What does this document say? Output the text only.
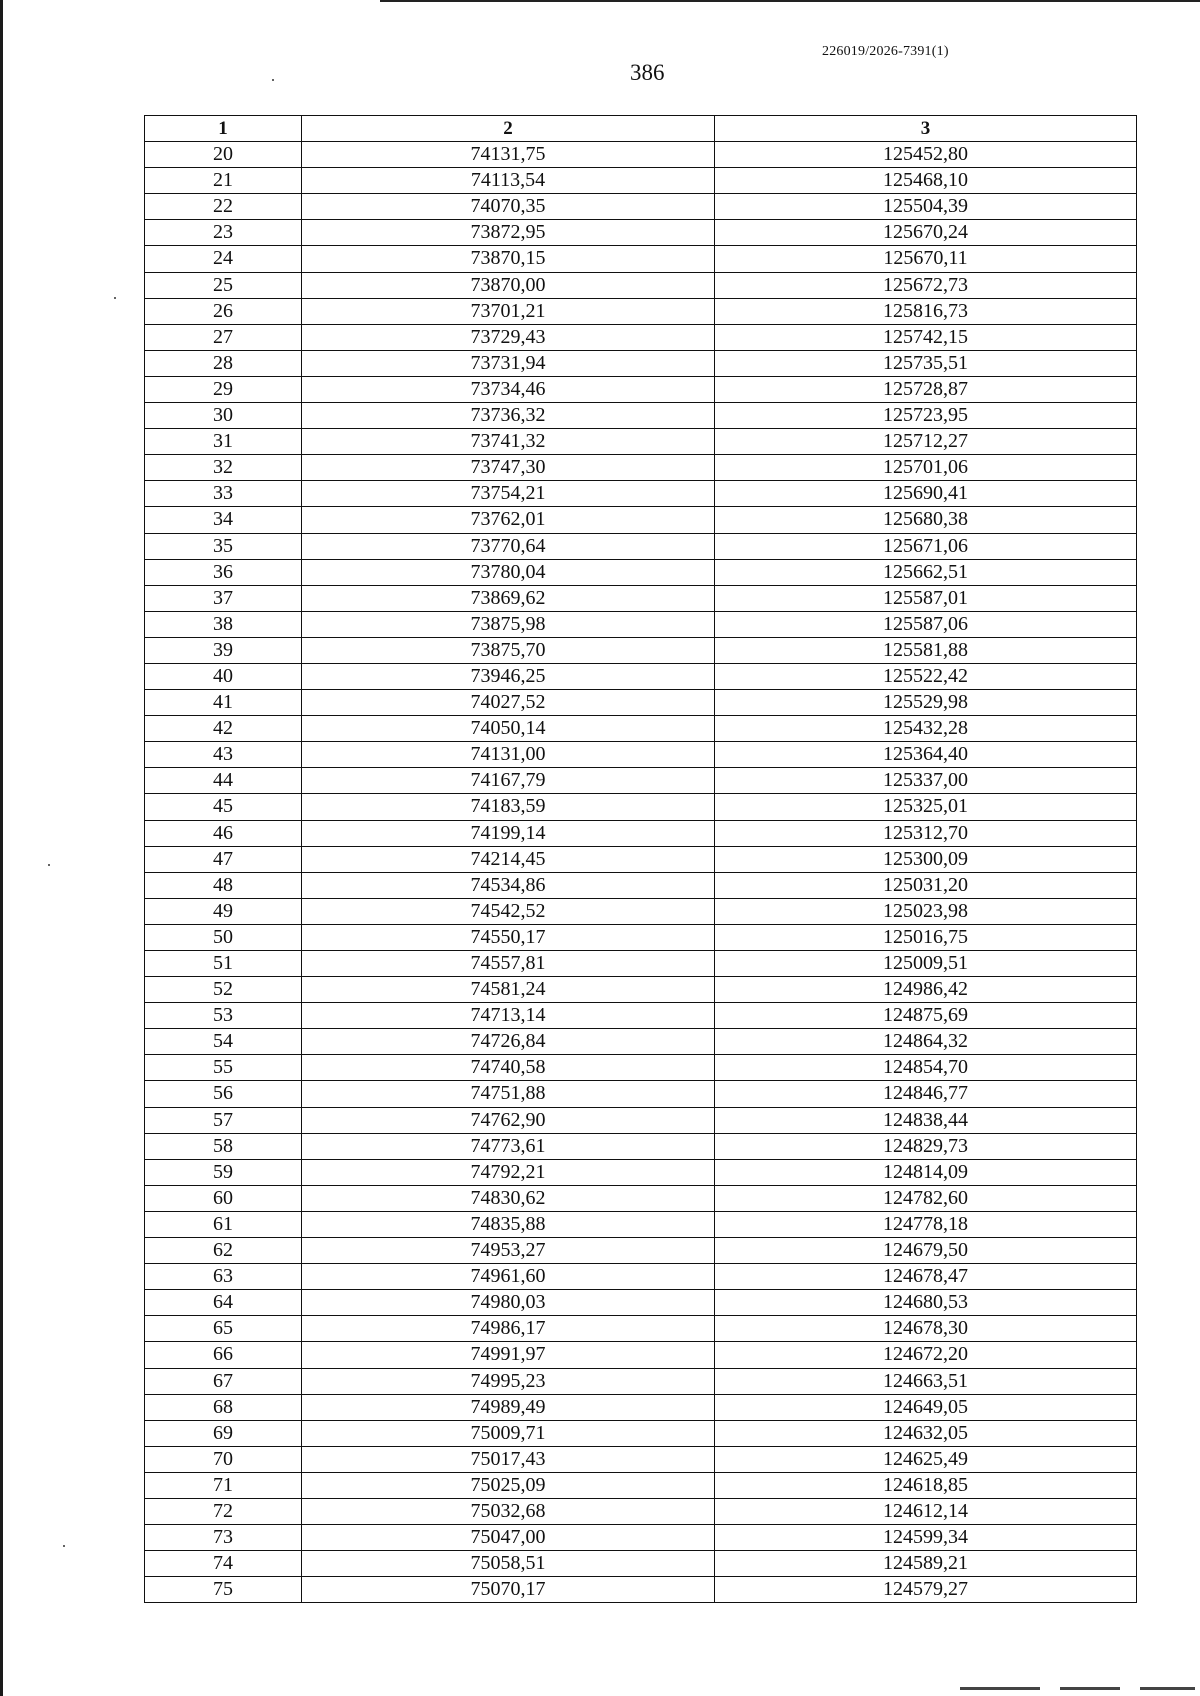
226019/2026-7391(1)
386
1	2	3
20	74131,75	125452,80
21	74113,54	125468,10
22	74070,35	125504,39
23	73872,95	125670,24
24	73870,15	125670,11
25	73870,00	125672,73
26	73701,21	125816,73
27	73729,43	125742,15
28	73731,94	125735,51
29	73734,46	125728,87
30	73736,32	125723,95
31	73741,32	125712,27
32	73747,30	125701,06
33	73754,21	125690,41
34	73762,01	125680,38
35	73770,64	125671,06
36	73780,04	125662,51
37	73869,62	125587,01
38	73875,98	125587,06
39	73875,70	125581,88
40	73946,25	125522,42
41	74027,52	125529,98
42	74050,14	125432,28
43	74131,00	125364,40
44	74167,79	125337,00
45	74183,59	125325,01
46	74199,14	125312,70
47	74214,45	125300,09
48	74534,86	125031,20
49	74542,52	125023,98
50	74550,17	125016,75
51	74557,81	125009,51
52	74581,24	124986,42
53	74713,14	124875,69
54	74726,84	124864,32
55	74740,58	124854,70
56	74751,88	124846,77
57	74762,90	124838,44
58	74773,61	124829,73
59	74792,21	124814,09
60	74830,62	124782,60
61	74835,88	124778,18
62	74953,27	124679,50
63	74961,60	124678,47
64	74980,03	124680,53
65	74986,17	124678,30
66	74991,97	124672,20
67	74995,23	124663,51
68	74989,49	124649,05
69	75009,71	124632,05
70	75017,43	124625,49
71	75025,09	124618,85
72	75032,68	124612,14
73	75047,00	124599,34
74	75058,51	124589,21
75	75070,17	124579,27
